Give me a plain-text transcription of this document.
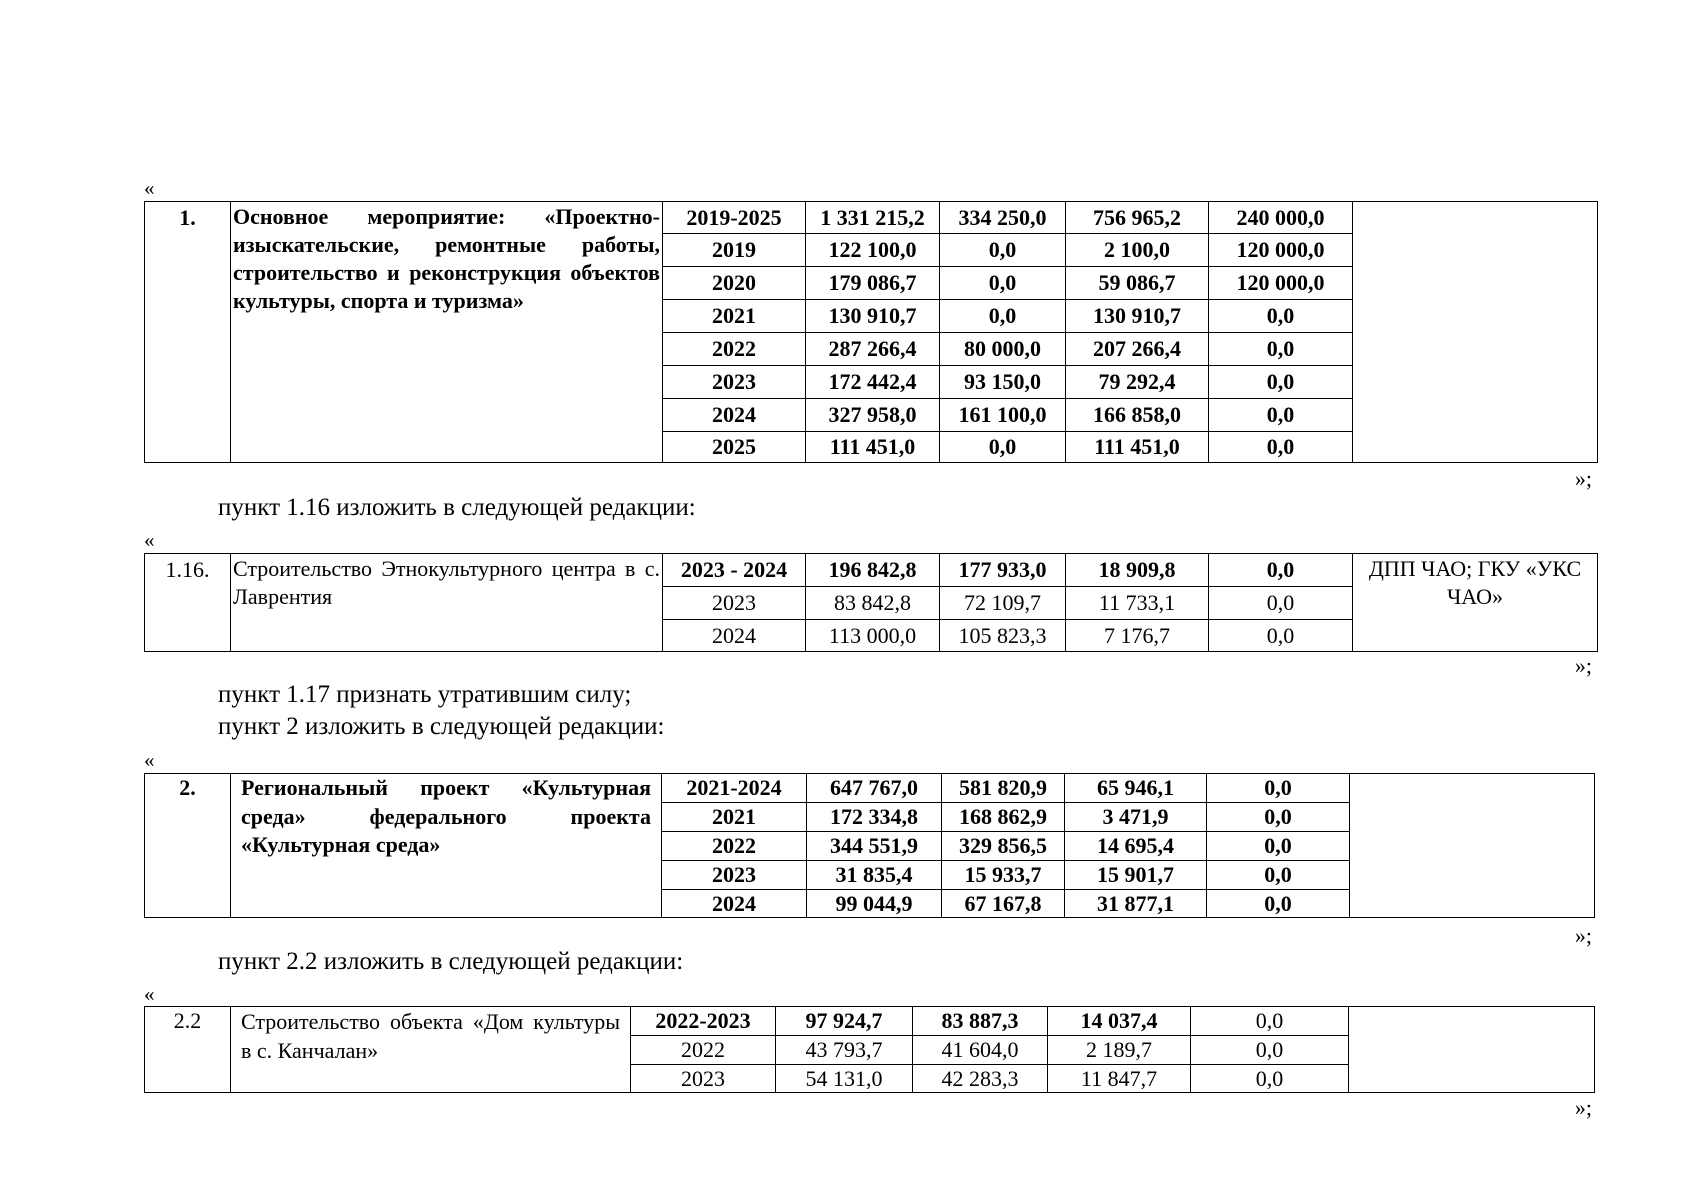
«
1.	Основное мероприятие: «Проектно-изыскательские, ремонтные работы, строительство и реконструкция объектов культуры, спорта и туризма»	2019-2025	1 331 215,2	334 250,0	756 965,2	240 000,0	
		2019	122 100,0	0,0	2 100,0	120 000,0	
		2020	179 086,7	0,0	59 086,7	120 000,0	
		2021	130 910,7	0,0	130 910,7	0,0	
		2022	287 266,4	80 000,0	207 266,4	0,0	
		2023	172 442,4	93 150,0	79 292,4	0,0	
		2024	327 958,0	161 100,0	166 858,0	0,0	
		2025	111 451,0	0,0	111 451,0	0,0	
»;
пункт 1.16 изложить в следующей редакции:
«
1.16.	Строительство Этнокультурного центра в с. Лаврентия	2023 - 2024	196 842,8	177 933,0	18 909,8	0,0	ДПП ЧАО; ГКУ «УКС ЧАО»
		2023	83 842,8	72 109,7	11 733,1	0,0	
		2024	113 000,0	105 823,3	7 176,7	0,0	
»;
пункт 1.17 признать утратившим силу;
пункт 2 изложить в следующей редакции:
«
2.	Региональный проект «Культурная среда» федерального проекта «Культурная среда»	2021-2024	647 767,0	581 820,9	65 946,1	0,0	
		2021	172 334,8	168 862,9	3 471,9	0,0	
		2022	344 551,9	329 856,5	14 695,4	0,0	
		2023	31 835,4	15 933,7	15 901,7	0,0	
		2024	99 044,9	67 167,8	31 877,1	0,0	
»;
пункт 2.2 изложить в следующей редакции:
«
2.2	Строительство объекта «Дом культуры в с. Канчалан»	2022-2023	97 924,7	83 887,3	14 037,4	0,0	
		2022	43 793,7	41 604,0	2 189,7	0,0	
		2023	54 131,0	42 283,3	11 847,7	0,0	
»;
